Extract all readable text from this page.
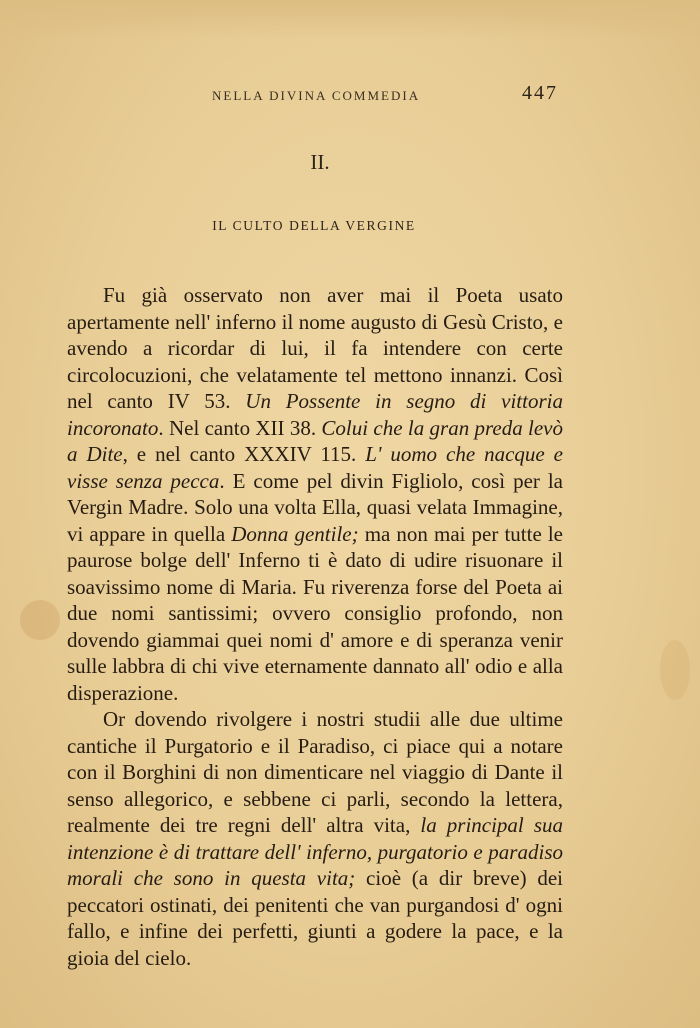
NELLA DIVINA COMMEDIA	447
II.
IL CULTO DELLA VERGINE

Fu già osservato non aver mai il Poeta usato apertamente nell' inferno il nome augusto di Gesù Cristo, e avendo a ricordar di lui, il fa intendere con certe circolocuzioni, che velatamente tel mettono innanzi. Così nel canto IV 53. Un Possente in segno di vittoria incoronato. Nel canto XII 38. Colui che la gran preda levò a Dite, e nel canto XXXIV 115. L' uomo che nacque e visse senza pecca. E come pel divin Figliolo, così per la Vergin Madre. Solo una volta Ella, quasi velata Immagine, vi appare in quella Donna gentile; ma non mai per tutte le paurose bolge dell' Inferno ti è dato di udire risuonare il soavissimo nome di Maria. Fu riverenza forse del Poeta ai due nomi santissimi; ovvero consiglio profondo, non dovendo giammai quei nomi d' amore e di speranza venir sulle labbra di chi vive eternamente dannato all' odio e alla disperazione.

Or dovendo rivolgere i nostri studii alle due ultime cantiche il Purgatorio e il Paradiso, ci piace qui a notare con il Borghini di non dimenticare nel viaggio di Dante il senso allegorico, e sebbene ci parli, secondo la lettera, realmente dei tre regni dell' altra vita, la principal sua intenzione è di trattare dell' inferno, purgatorio e paradiso morali che sono in questa vita; cioè (a dir breve) dei peccatori ostinati, dei penitenti che van purgandosi d' ogni fallo, e infine dei perfetti, giunti a godere la pace, e la gioia del cielo.
